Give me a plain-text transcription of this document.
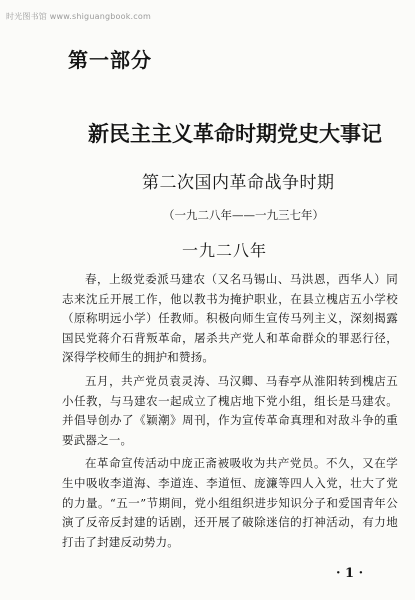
时光图书馆 www.shiguangbook.com
第一部分
新民主主义革命时期党史大事记
第二次国内革命战争时期
（一九二八年——一九三七年）
一九二八年

春，上级党委派马建农（又名马锡山、马洪恩，西华人）同志来沈丘开展工作，他以教书为掩护职业，在县立槐店五小学校（原称明远小学）任教师。积极向师生宣传马列主义，深刻揭露国民党蒋介石背叛革命，屠杀共产党人和革命群众的罪恶行径，深得学校师生的拥护和赞扬。

五月，共产党员袁灵涛、马汉卿、马春亭从淮阳转到槐店五小任教，与马建农一起成立了槐店地下党小组，组长是马建农。并倡导创办了《颖潮》周刊，作为宣传革命真理和对敌斗争的重要武器之一。

在革命宣传活动中庞正斋被吸收为共产党员。不久，又在学生中吸收李道海、李道连、李道恒、庞濂等四人入党，壮大了党的力量。“五一”节期间，党小组组织进步知识分子和爱国青年公演了反帝反封建的话剧，还开展了破除迷信的打神活动，有力地打击了封建反动势力。

· 1 ·
